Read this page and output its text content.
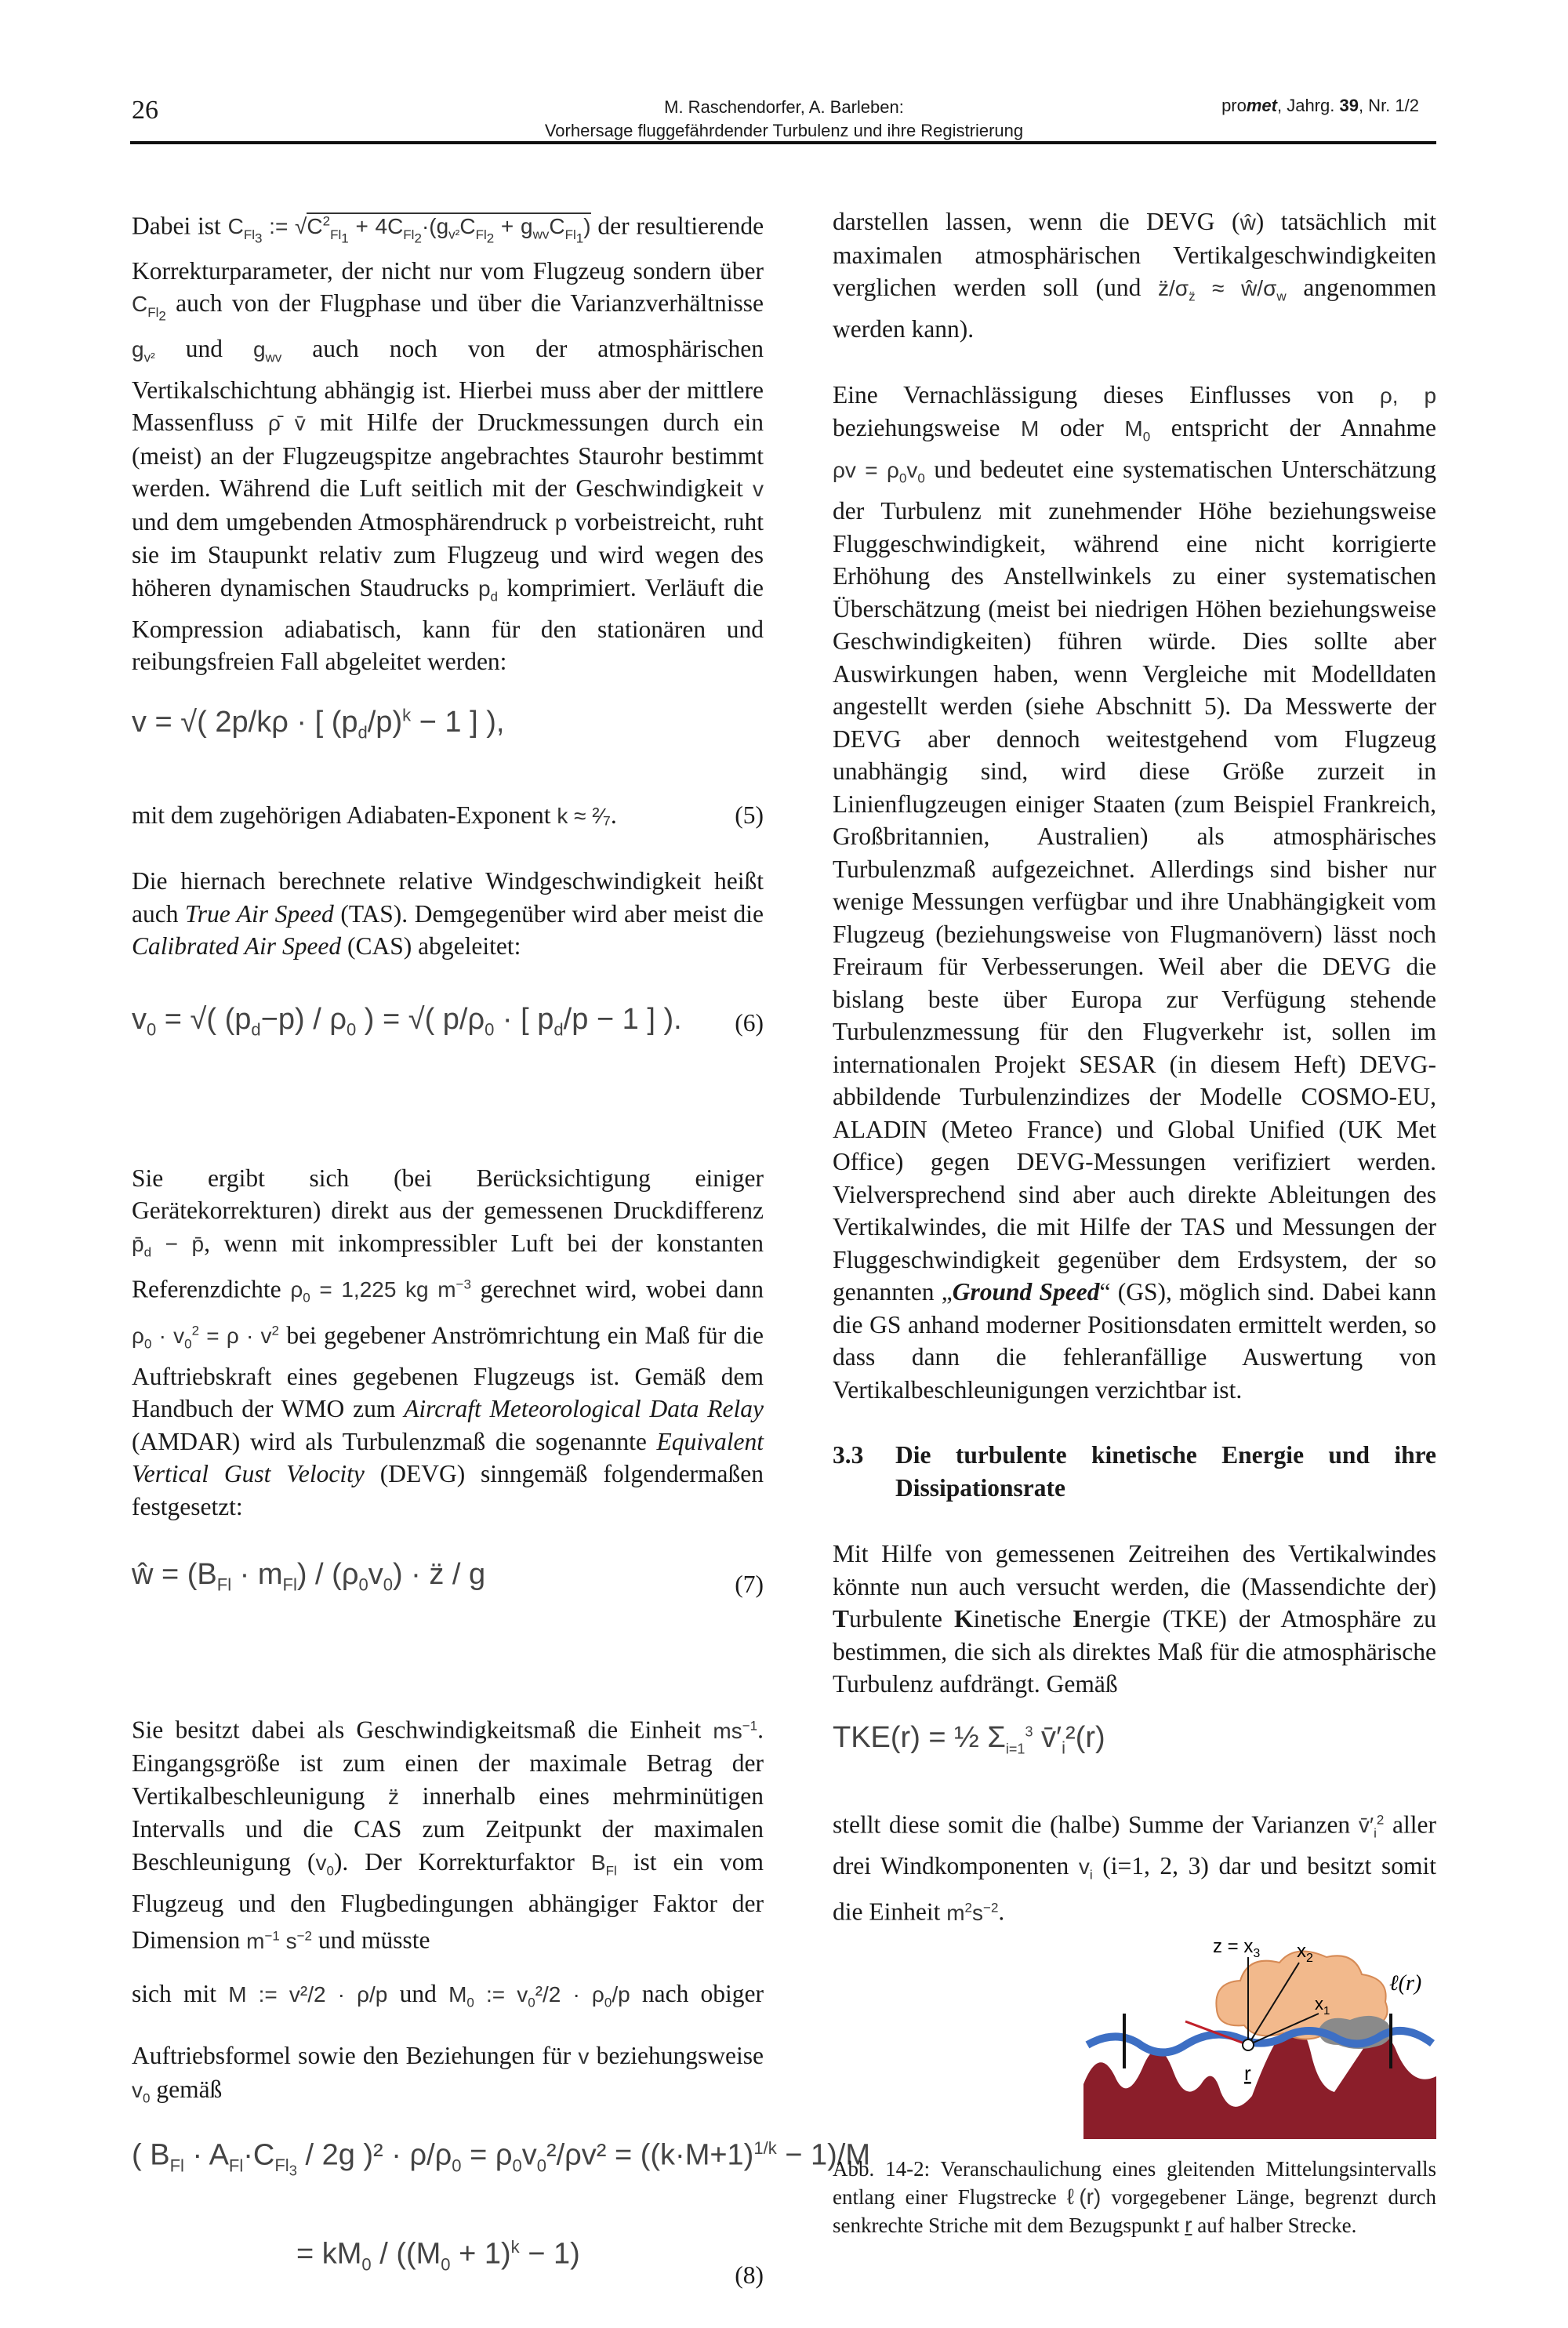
26	M. Raschendorfer, A. Barleben:
Vorhersage fluggefährdender Turbulenz und ihre Registrierung
promet, Jahrg. 39, Nr. 1/2

Dabei ist $C_{Fl_3}$ := $√C^2_{Fl_1} + 4C_{Fl_2}\cdot(g_{v^2}C_{Fl_2} + g_{wv}C_{Fl_1})$ der resultierende Korrekturparameter, der nicht nur vom Flugzeug sondern über $C_{Fl_2}$ auch von der Flugphase und über die Varianzverhältnisse $g_{v^2}$ und $g_{wv}$ auch noch von der atmosphärischen Vertikalschichtung abhängig ist. Hierbei muss aber der mittlere Massenfluss ρ̄ v̄ mit Hilfe der Druckmessungen durch ein (meist) an der Flugzeugspitze angebrachtes Staurohr bestimmt werden. Während die Luft seitlich mit der Geschwindigkeit v und dem umgebenden Atmosphärendruck p vorbeistreicht, ruht sie im Staupunkt relativ zum Flugzeug und wird wegen des höheren dynamischen Staudrucks $p_d$ komprimiert. Verläuft die Kompression adiabatisch, kann für den stationären und reibungsfreien Fall abgeleitet werden:

v = √( 2p/kρ · [ $(p_d/p)^k - 1$ ] ),
mit dem zugehörigen Adiabaten-Exponent k ≈ ²⁄₇.	(5)

Die hiernach berechnete relative Windgeschwindigkeit heißt auch True Air Speed (TAS). Demgegenüber wird aber meist die Calibrated Air Speed (CAS) abgeleitet:

$v_0$ = √( $(p_d-p) / \rho_0$ ) = √( $p/\rho_0$ · [ $p_d/p - 1$ ] ). (6)

Sie ergibt sich (bei Berücksichtigung einiger Gerätekorrekturen) direkt aus der gemessenen Druckdifferenz $p̄_d$ − p̄, wenn mit inkompressibler Luft bei der konstanten Referenzdichte $\rho_0 = 1,225$ kg $m^{-3}$ gerechnet wird, wobei dann $\rho_0 \cdot v_0^2 = \rho \cdot v^2$ bei gegebener Anströmrichtung ein Maß für die Auftriebskraft eines gegebenen Flugzeugs ist. Gemäß dem Handbuch der WMO zum Aircraft Meteorological Data Relay (AMDAR) wird als Turbulenzmaß die sogenannte Equivalent Vertical Gust Velocity (DEVG) sinngemäß folgendermaßen festgesetzt:

ŵ = $(B_{Fl} \cdot m_{Fl}) / (\rho_0v_0)$ · z̈ / g	(7)

Sie besitzt dabei als Geschwindigkeitsmaß die Einheit $ms^{-1}$. Eingangsgröße ist zum einen der maximale Betrag der Vertikalbeschleunigung z̈ innerhalb eines mehrminütigen Intervalls und die CAS zum Zeitpunkt der maximalen Beschleunigung $(v_0)$. Der Korrekturfaktor $B_{Fl}$ ist ein vom Flugzeug und den Flugbedingungen abhängiger Faktor der Dimension $m^{-1}$ $s^{-2}$ und müsste

sich mit M := v²/2 · ρ/p und $M_0$ := $v_0^2/2 \cdot \rho_0/p$ nach obiger

Auftriebsformel sowie den Beziehungen für v beziehungsweise $v_0$ gemäß

( $B_{Fl} \cdot A_{Fl}\cdot C_{Fl_3} / 2g$ )$^2 \cdot \rho/\rho_0 = \rho_0v_0^2/\rho v^2 = ((k\cdot M+1)^{1/k} - 1)/M$
= $kM_0 / ((M_0 + 1)^k - 1)$
(8)

darstellen lassen, wenn die DEVG (ŵ) tatsächlich mit maximalen atmosphärischen Vertikalgeschwindigkeiten verglichen werden soll (und $z̈/\sigma_{z̈}$ ≈ $ŵ/\sigma_w$ angenommen werden kann).

Eine Vernachlässigung dieses Einflusses von ρ, p beziehungsweise M oder $M_0$ entspricht der Annahme $\rho v = \rho_0v_0$ und bedeutet eine systematischen Unterschätzung der Turbulenz mit zunehmender Höhe beziehungsweise Fluggeschwindigkeit, während eine nicht korrigierte Erhöhung des Anstellwinkels zu einer systematischen Überschätzung (meist bei niedrigen Höhen beziehungsweise Geschwindigkeiten) führen würde. Dies sollte aber Auswirkungen haben, wenn Vergleiche mit Modelldaten angestellt werden (siehe Abschnitt 5). Da Messwerte der DEVG aber dennoch weitestgehend vom Flugzeug unabhängig sind, wird diese Größe zurzeit in Linienflugzeugen einiger Staaten (zum Beispiel Frankreich, Großbritannien, Australien) als atmosphärisches Turbulenzmaß aufgezeichnet. Allerdings sind bisher nur wenige Messungen verfügbar und ihre Unabhängigkeit vom Flugzeug (beziehungsweise von Flugmanövern) lässt noch Freiraum für Verbesserungen. Weil aber die DEVG die bislang beste über Europa zur Verfügung stehende Turbulenzmessung für den Flugverkehr ist, sollen im internationalen Projekt SESAR (in diesem Heft) DEVG-abbildende Turbulenzindizes der Modelle COSMO-EU, ALADIN (Meteo France) und Global Unified (UK Met Office) gegen DEVG-Messungen verifiziert werden. Vielversprechend sind aber auch direkte Ableitungen des Vertikalwindes, die mit Hilfe der TAS und Messungen der Fluggeschwindigkeit gegenüber dem Erdsystem, der so genannten „Ground Speed“ (GS), möglich sind. Dabei kann die GS anhand moderner Positionsdaten ermittelt werden, so dass dann die fehleranfällige Auswertung von Vertikalbeschleunigungen verzichtbar ist.

3.3	Die turbulente kinetische Energie und ihre Dissipationsrate

Mit Hilfe von gemessenen Zeitreihen des Vertikalwindes könnte nun auch versucht werden, die (Massendichte der) Turbulente Kinetische Energie (TKE) der Atmosphäre zu bestimmen, die sich als direktes Maß für die atmosphärische Turbulenz aufdrängt. Gemäß

TKE(r) = ½ $\Sigma_{i=1}^3$ $v̄'_i^2(r)$

stellt diese somit die (halbe) Summe der Varianzen $v̄'_i^2$ aller drei Windkomponenten $v_i$ (i=1, 2, 3) dar und besitzt somit die Einheit $m^2s^{-2}$.

$z = x_3$ $x_2$
$x_1$
ℓ(r)
r

Abb. 14-2: Veranschaulichung eines gleitenden Mittelungsintervalls entlang einer Flugstrecke ℓ(r) vorgegebener Länge, begrenzt durch senkrechte Striche mit dem Bezugspunkt r auf halber Strecke.
